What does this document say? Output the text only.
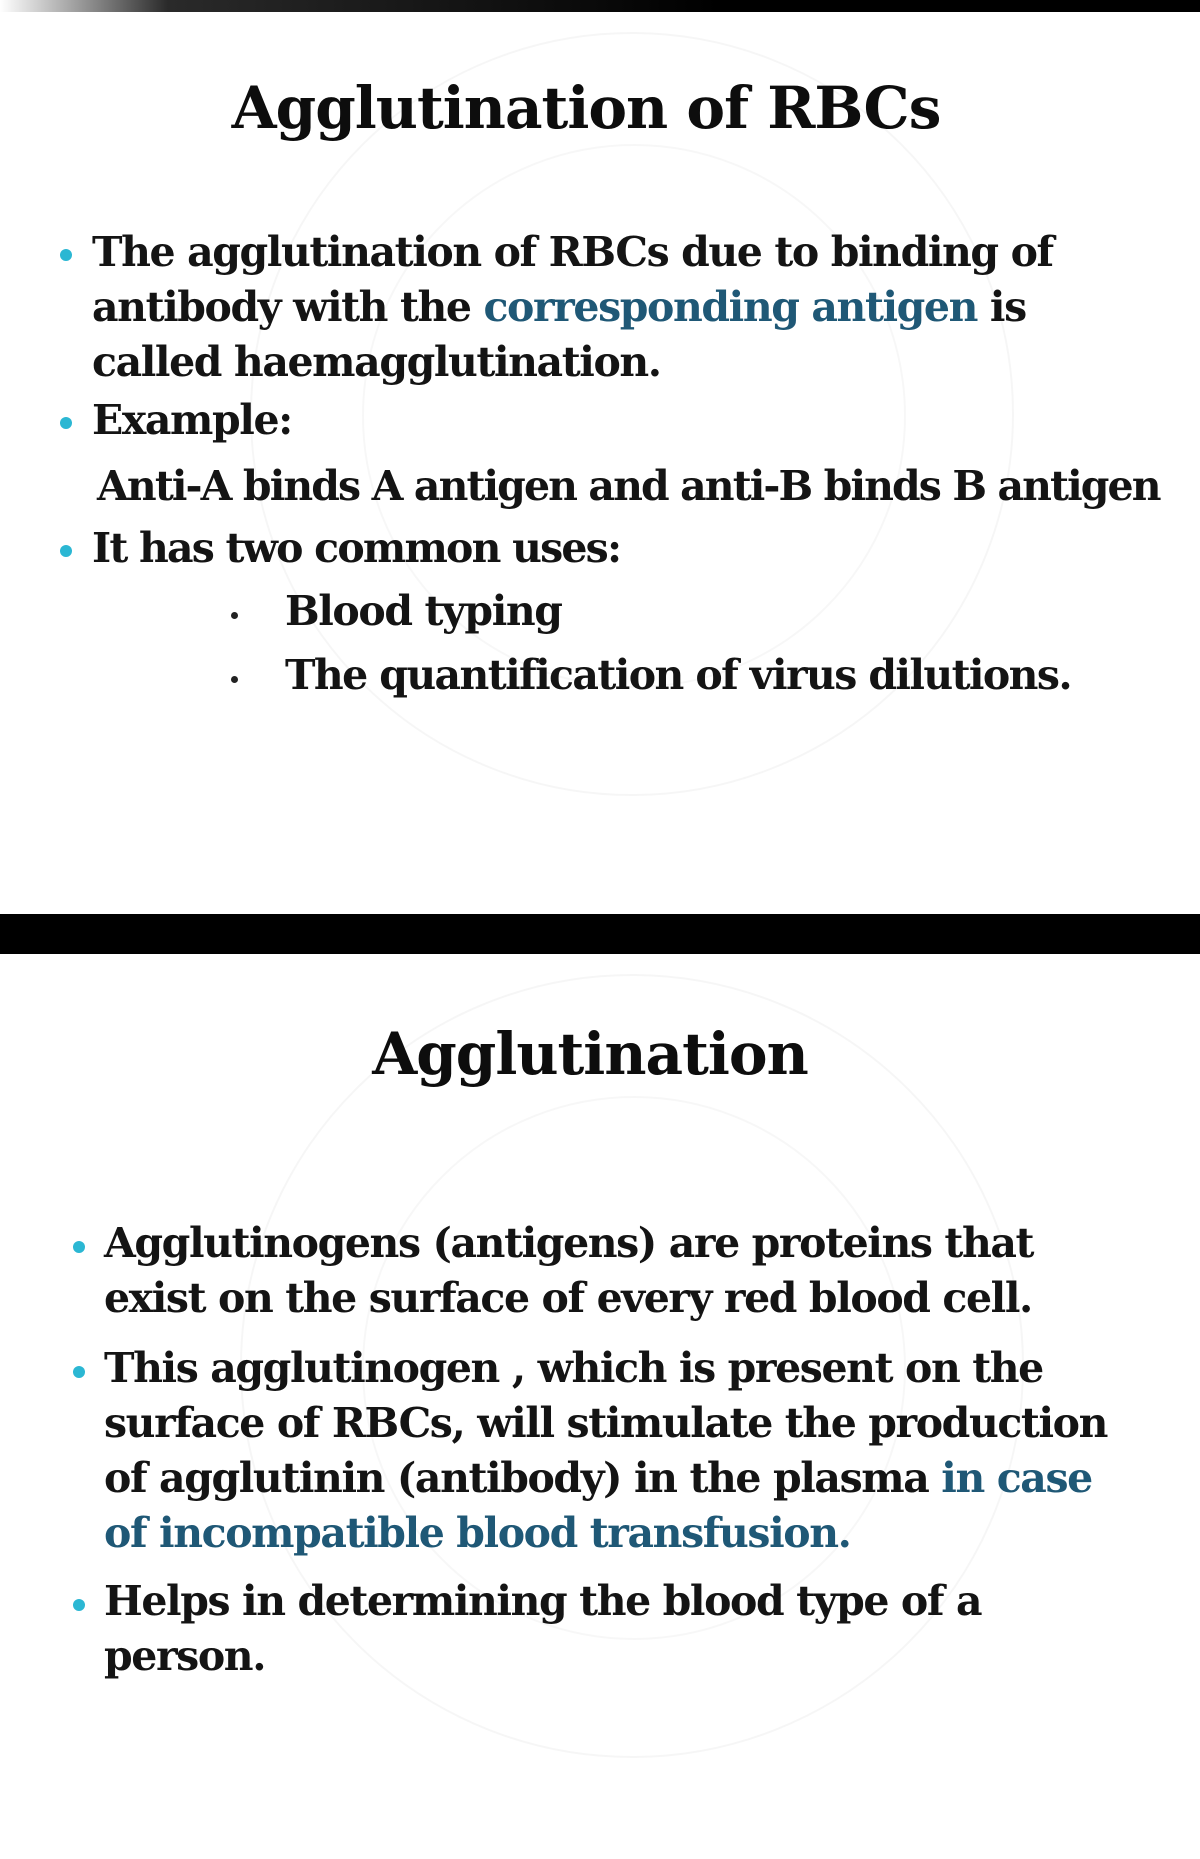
Agglutination of RBCs
The agglutination of RBCs due to binding of
antibody with the corresponding antigen is
called haemagglutination.
Example:
Anti-A binds A antigen and anti-B binds B antigen
It has two common uses:
Blood typing
The quantification of virus dilutions.
Agglutination
Agglutinogens (antigens) are proteins that
exist on the surface of every red blood cell.
This agglutinogen , which is present on the
surface of RBCs, will stimulate the production
of agglutinin (antibody) in the plasma in case
of incompatible blood transfusion.
Helps in determining the blood type of a
person.
